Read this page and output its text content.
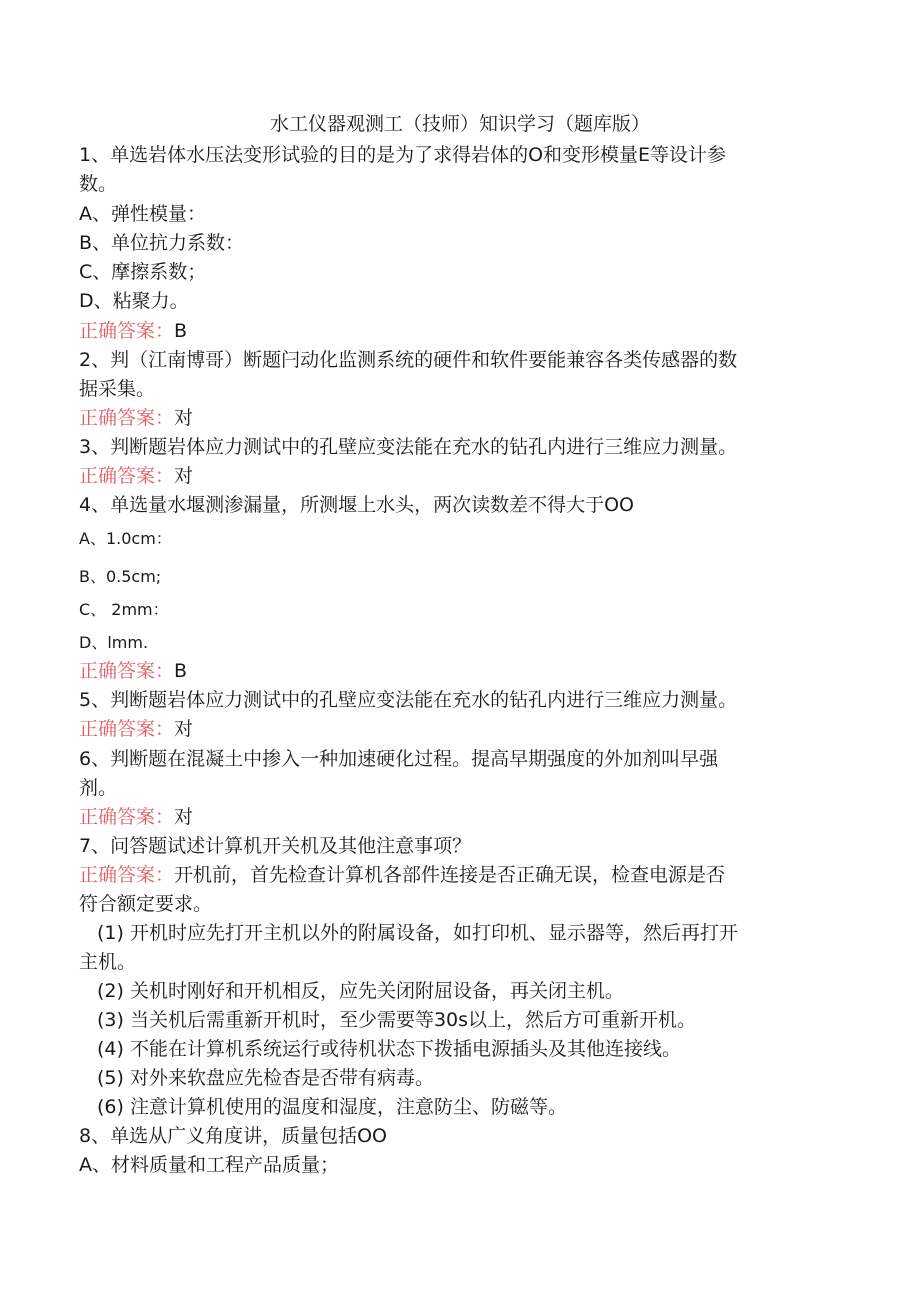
水工仪器观测工（技师）知识学习（题库版）
1、单选岩体水压法变形试验的目的是为了求得岩体的O和变形模量E等设计参
数。
A、弹性模量：
B、单位抗力系数：
C、摩擦系数；
D、粘聚力。
正确答案：B
2、判（江南博哥）断题闩动化监测系统的硬件和软件要能兼容各类传感器的数
据采集。
正确答案：对
3、判断题岩体应力测试中的孔壁应变法能在充水的钻孔内进行三维应力测量。
正确答案：对
4、单选量水堰测渗漏量，所测堰上水头，两次读数差不得大于OO
A、1.0cm：
B、0.5cm;
C、 2mm：
D、lmm.
正确答案：B
5、判断题岩体应力测试中的孔壁应变法能在充水的钻孔内进行三维应力测量。
正确答案：对
6、判断题在混凝土中掺入一种加速硬化过程。提高早期强度的外加剂叫早强
剂。
正确答案：对
7、问答题试述计算机开关机及其他注意事项？
正确答案：开机前，首先检查计算机各部件连接是否正确无误，检查电源是否
符合额定要求。
(1) 开机时应先打开主机以外的附属设备，如打印机、显示器等，然后再打开
主机。
(2) 关机时刚好和开机相反，应先关闭附屈设备，再关闭主机。
(3) 当关机后需重新开机时，至少需要等30s以上，然后方可重新开机。
(4) 不能在计算机系统运行或待机状态下拨插电源插头及其他连接线。
(5) 对外来软盘应先检杳是否带有病毒。
(6) 注意计算机使用的温度和湿度，注意防尘、防磁等。
8、单选从广义角度讲，质量包括OO
A、材料质量和工程产品质量；
